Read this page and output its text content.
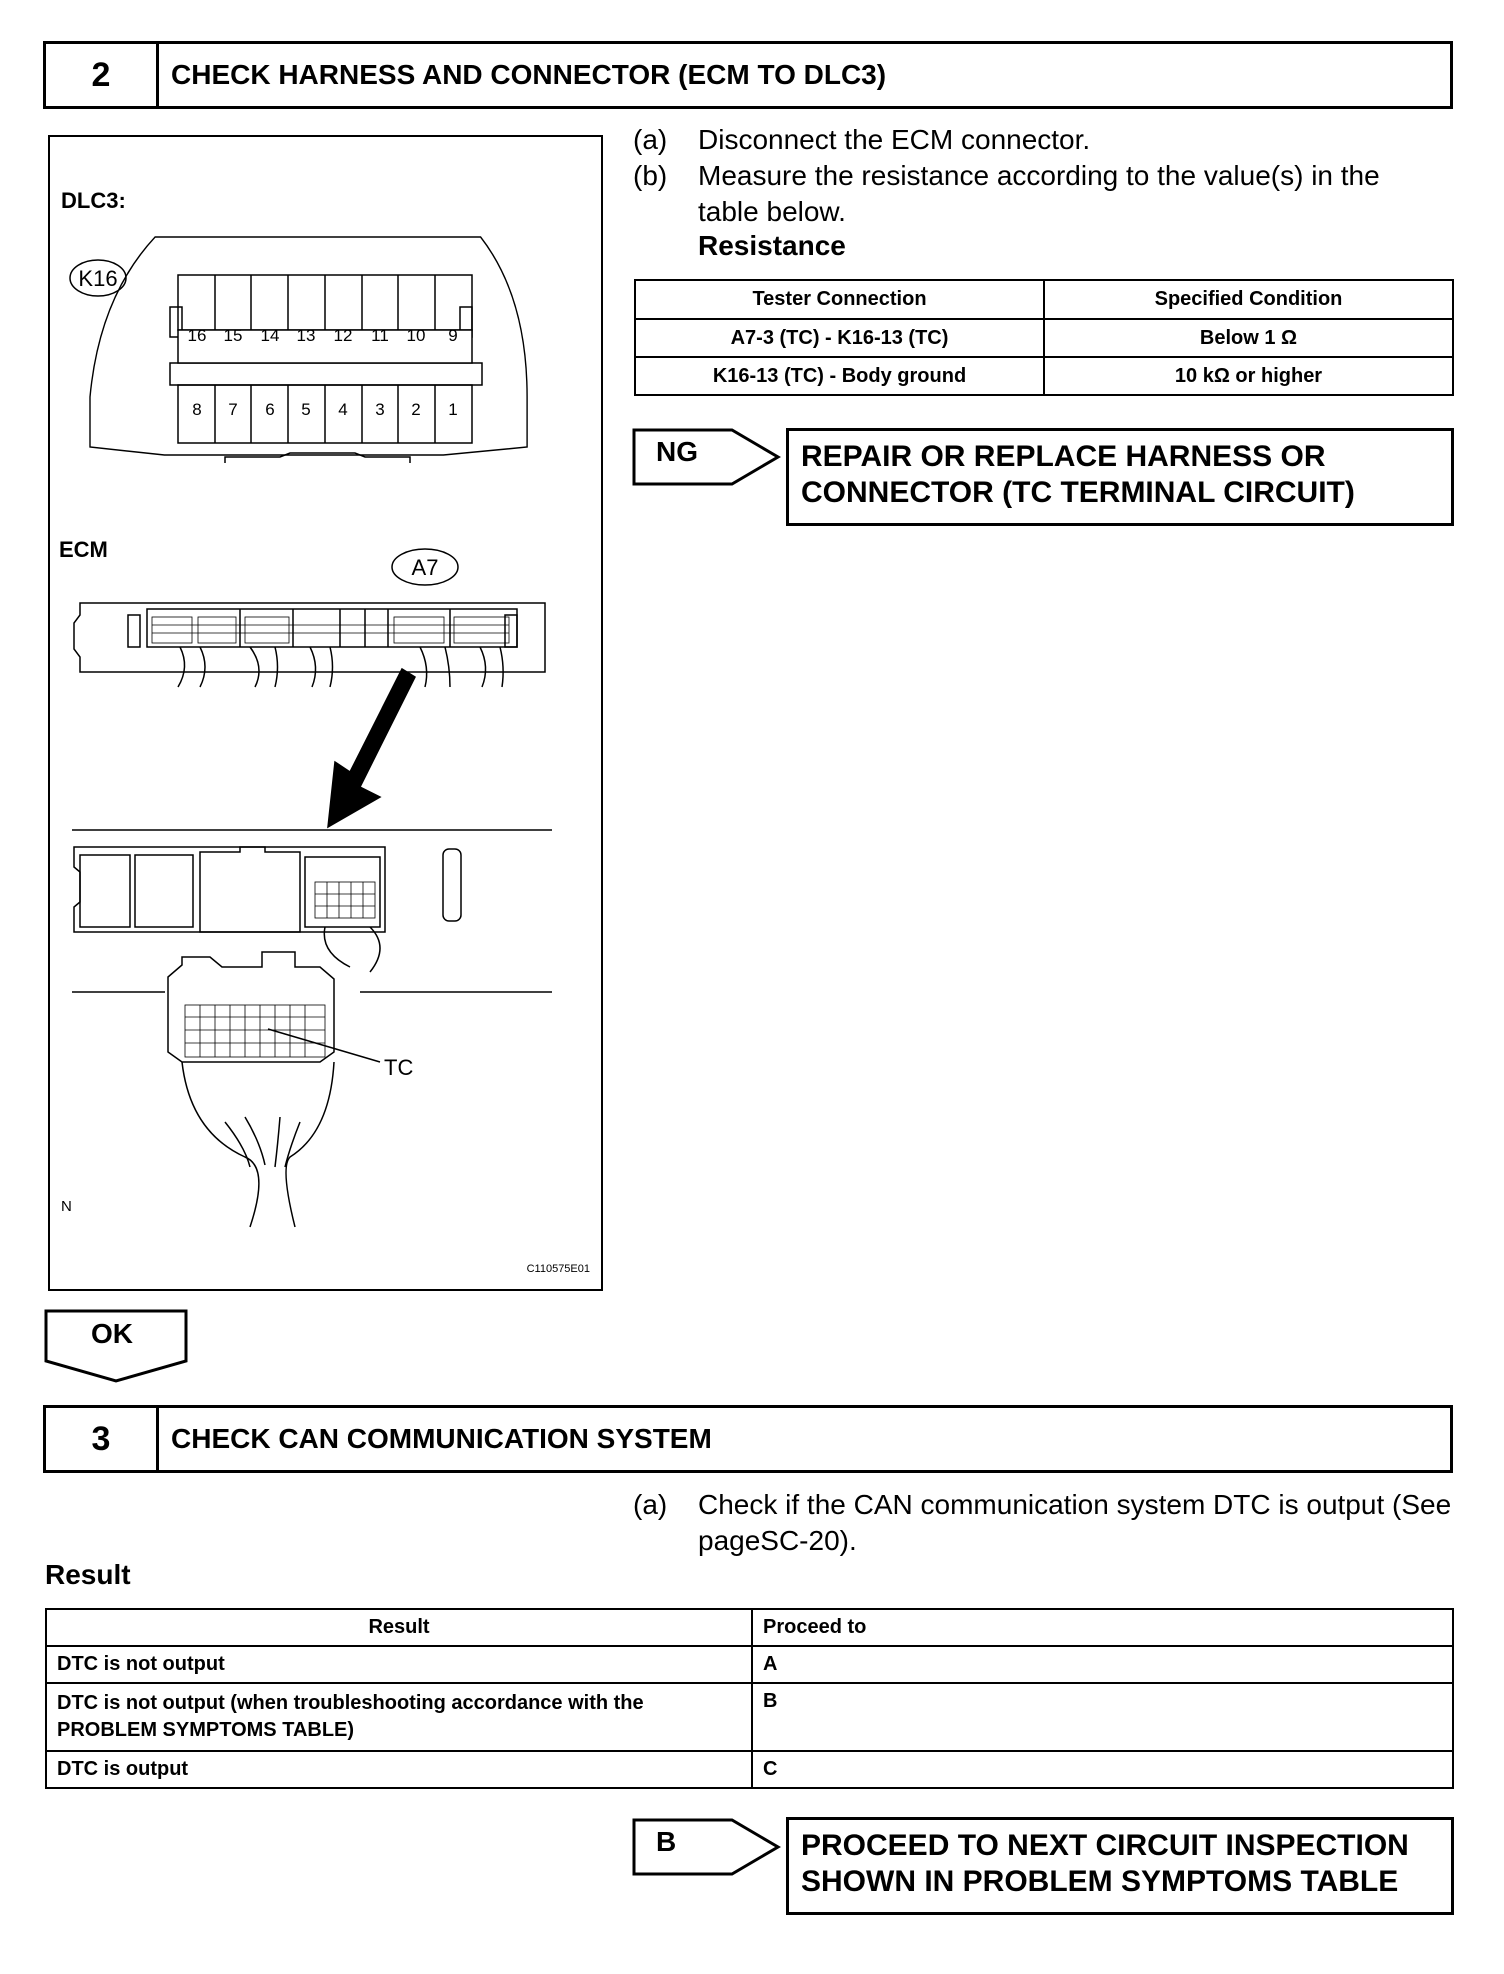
2	CHECK HARNESS AND CONNECTOR (ECM TO DLC3)
16 15 14 13 12 11 10 9
8 7 6 5 4 3 2 1
DLC3:
K16
ECM
A7
TC
N
C110575E01
(a) Disconnect the ECM connector.
(b) Measure the resistance according to the value(s) in the table below.
Resistance
Tester Connection	Specified Condition
A7-3 (TC) - K16-13 (TC)	Below 1 Ω
K16-13 (TC) - Body ground	10 kΩ or higher
NG	REPAIR OR REPLACE HARNESS OR CONNECTOR (TC TERMINAL CIRCUIT)
OK
3	CHECK CAN COMMUNICATION SYSTEM
(a) Check if the CAN communication system DTC is output (See pageSC-20).
Result
Result	Proceed to
DTC is not output	A
DTC is not output (when troubleshooting accordance with the PROBLEM SYMPTOMS TABLE)	B
DTC is output	C
B	PROCEED TO NEXT CIRCUIT INSPECTION SHOWN IN PROBLEM SYMPTOMS TABLE
